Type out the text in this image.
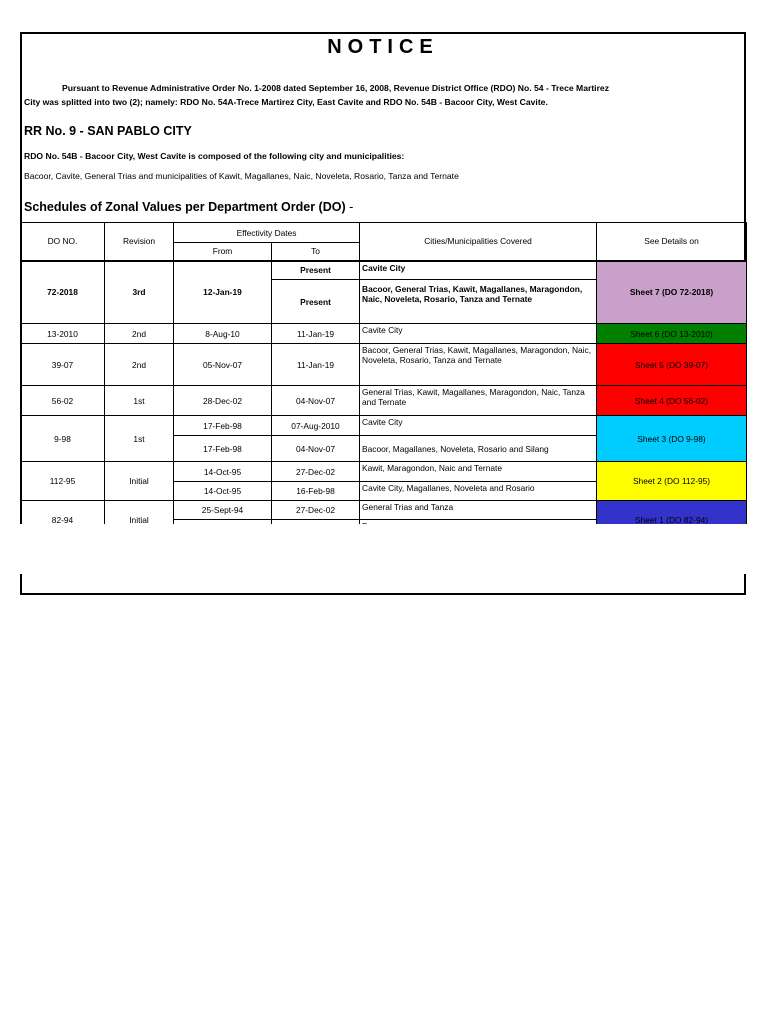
NOTICE
Pursuant to Revenue Administrative Order No. 1-2008 dated September 16, 2008, Revenue District Office (RDO) No. 54 - Trece Martirez
City was splitted into two (2); namely: RDO No. 54A-Trece Martirez City, East Cavite and RDO No. 54B - Bacoor City, West Cavite.
RR No. 9 - SAN PABLO CITY
RDO No. 54B - Bacoor City, West Cavite is composed of the following city and municipalities:
Bacoor, Cavite, General Trias and municipalities of Kawit, Magallanes, Naic, Noveleta, Rosario, Tanza and Ternate
Schedules of Zonal Values per Department Order (DO) -
DO NO.	Revision	Effectivity Dates		Cities/Municipalities Covered	See Details on
		From	To		
72-2018	3rd	12-Jan-19	Present	Cavite City	Sheet 7 (DO 72-2018)
			Present	Bacoor, General Trias, Kawit, Magallanes, Maragondon, Naic, Noveleta, Rosario, Tanza and Ternate	
13-2010	2nd	8-Aug-10	11-Jan-19	Cavite City	Sheet 6 (DO 13-2010)
39-07	2nd	05-Nov-07	11-Jan-19	Bacoor, General Trias, Kawit, Magallanes, Maragondon, Naic, Noveleta, Rosario, Tanza and Ternate	Sheet 5 (DO 39-07)
56-02	1st	28-Dec-02	04-Nov-07	General Trias, Kawit, Magallanes, Maragondon, Naic, Tanza and Ternate	Sheet 4 (DO 56-02)
9-98	1st	17-Feb-98	07-Aug-2010	Cavite City	Sheet 3 (DO 9-98)
		17-Feb-98	04-Nov-07	Bacoor, Magallanes, Noveleta, Rosario and Silang	
112-95	Initial	14-Oct-95	27-Dec-02	Kawit, Maragondon, Naic and Ternate	Sheet 2 (DO 112-95)
		14-Oct-95	16-Feb-98	Cavite City, Magallanes, Noveleta and Rosario	
82-94	Initial	25-Sept-94	27-Dec-02	General Trias and Tanza	Sheet 1 (DO 82-94)
